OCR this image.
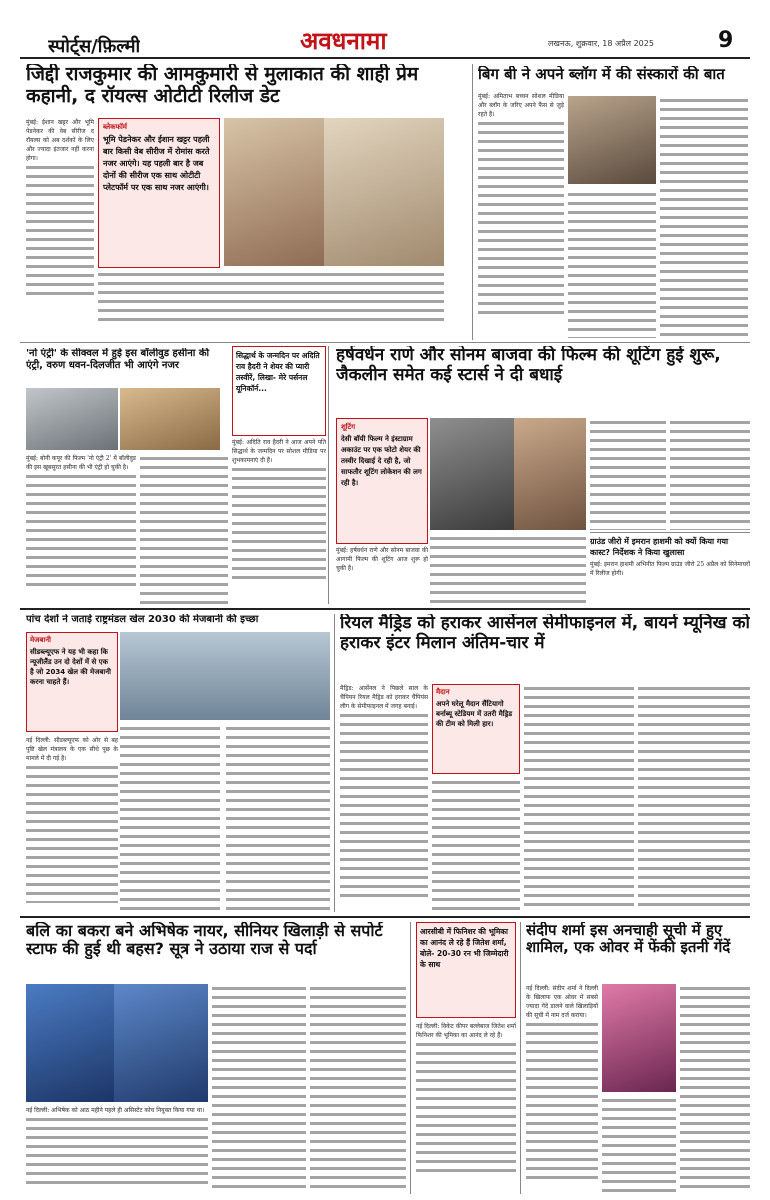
स्पोर्ट्स/फ़िल्मी	अवधनामा	लखनऊ, शुक्रवार, 18 अप्रैल 2025	9
जिद्दी राजकुमार की आमकुमारी से मुलाकात की शाही प्रेम कहानी, द रॉयल्स ओटीटी रिलीज डेट

मुंबई: ईशान खट्टर और भूमि पेडनेकर की वेब सीरीज द रॉयल्स को अब दर्शकों के लिए और ज्यादा इंतजार नहीं करना होगा।

ब्लेकफॉर्म
भूमि पेडनेकर और ईशान खट्टर पहली बार किसी वेब सीरीज में रोमांस करते नजर आएंगे। यह पहली बार है जब दोनों की सीरीज एक साथ ओटीटी प्लेटफॉर्म पर एक साथ नजर आएंगी।
बिग बी ने अपने ब्लॉग में की संस्कारों की बात

मुंबई: अमिताभ बच्चन सोशल मीडिया और ब्लॉग के जरिए अपने फैंस से जुड़े रहते हैं।

'नो एंट्री' के सीक्वल में हुई इस बॉलीवुड हसीना की एंट्री, वरुण धवन-दिलजीत भी आएंगे नजर

मुंबई: बोनी कपूर की फिल्म 'नो एंट्री 2' में बॉलीवुड की इस खूबसूरत हसीना की भी एंट्री हो चुकी है।

सिद्धार्थ के जन्मदिन पर अदिति राव हैदरी ने शेयर की प्यारी तस्वीरें, लिखा- मेरे पर्सनल यूनिकॉर्न...

मुंबई: अदिति राव हैदरी ने आज अपने पति सिद्धार्थ के जन्मदिन पर सोशल मीडिया पर शुभकामनाएं दी हैं।

हर्षवर्धन राणे और सोनम बाजवा की फिल्म की शूटिंग हुई शुरू, जैकलीन समेत कई स्टार्स ने दी बधाई
शूटिंग
देसी बॉयी फिल्म ने इंस्टाग्राम अकाउंट पर एक फोटो शेयर की तस्वीर दिखाई दे रही है, जो साफतौर शूटिंग लोकेशन की लग रही है।

मुंबई: हर्षवर्धन राणे और सोनम बाजवा की आगामी फिल्म की शूटिंग आज शुरू हो चुकी है।

ग्राउंड जीरो में इमरान हाशमी को क्यों किया गया कास्ट? निर्देशक ने किया खुलासा
मुंबई: इमरान हाशमी अभिनीत फिल्म ग्राउंड जीरो 25 अप्रैल को सिनेमाघरों में रिलीज होगी।
पांच देशों ने जताई राष्ट्रमंडल खेल 2030 की मेजबानी की इच्छा
मेजबानी
सीडब्ल्यूएफ ने यह भी कहा कि न्यूजीलैंड उन दो देशों में से एक है जो 2034 खेल की मेजबानी करना चाहते हैं।

नई दिल्ली: सीडब्ल्यूएफ को ओर से बह पुष्टि खेल मंत्रालय के एक सीधे पूछ के मामले में दी गई है।

रियल मैड्रिड को हराकर आर्सेनल सेमीफाइनल में, बायर्न म्यूनिख को हराकर इंटर मिलान अंतिम-चार में

मैड्रिड: आर्सेनल ने पिछले साल के चैंपियन रियल मैड्रिड को हराकर चैंपियंस लीग के सेमीफाइनल में जगह बनाई।

मैदान
अपने घरेलू मैदान सैंटियागो बर्नाब्यू स्टेडियम में उतरी मैड्रिड की टीम को मिली हार।
बलि का बकरा बने अभिषेक नायर, सीनियर खिलाड़ी से सपोर्ट स्टाफ की हुई थी बहस? सूत्र ने उठाया राज से पर्दा

नई दिल्ली: अभिषेक को आठ महीने पहले ही असिस्टेंट कोच नियुक्त किया गया था।

आरसीबी में फिनिशर की भूमिका का आनंद ले रहे हैं जितेश शर्मा, बोले- 20-30 रन भी जिम्मेदारी के साथ

नई दिल्ली: विकेट कीपर बल्लेबाज जितेश शर्मा फिनिशर की भूमिका का आनंद ले रहे हैं।

संदीप शर्मा इस अनचाही सूची में हुए शामिल, एक ओवर में फेंकी इतनी गेंदें

नई दिल्ली: संदीप शर्मा ने दिल्ली के खिलाफ एक ओवर में सबसे ज्यादा गेंदें डालने वाले खिलाड़ियों की सूची में नाम दर्ज कराया।
